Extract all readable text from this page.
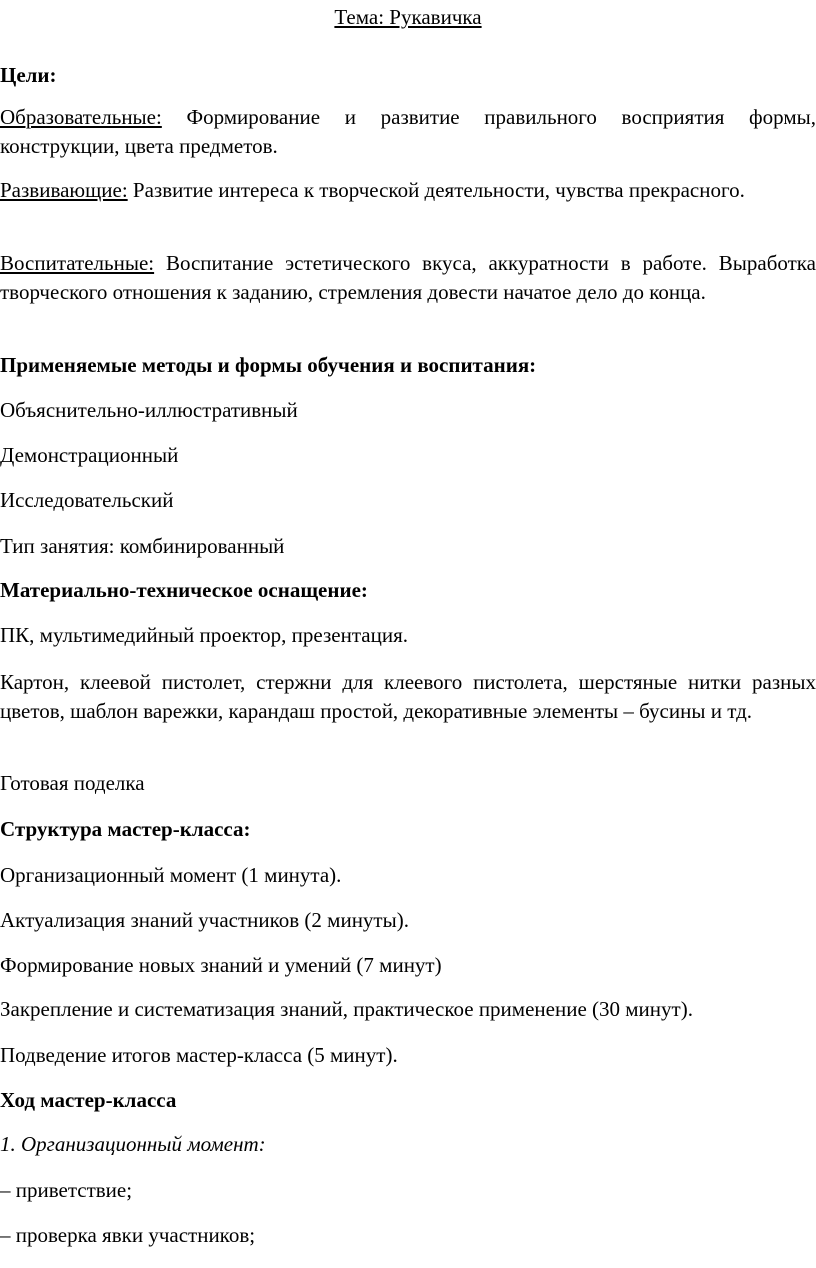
Тема: Рукавичка

Цели:

Образовательные: Формирование и развитие правильного восприятия формы, конструкции, цвета предметов.

Развивающие: Развитие интереса к творческой деятельности, чувства прекрасного.

Воспитательные: Воспитание эстетического вкуса, аккуратности в работе. Выработка творческого отношения к заданию, стремления довести начатое дело до конца.

Применяемые методы и формы обучения и воспитания:

Объяснительно-иллюстративный

Демонстрационный

Исследовательский

Тип занятия: комбинированный

Материально-техническое оснащение:

ПК, мультимедийный проектор, презентация.

Картон, клеевой пистолет, стержни для клеевого пистолета, шерстяные нитки разных цветов, шаблон варежки, карандаш простой, декоративные элементы – бусины и тд.

Готовая поделка

Структура мастер-класса:

Организационный момент (1 минута).

Актуализация знаний участников (2 минуты).

Формирование новых знаний и умений (7 минут)

Закрепление и систематизация знаний, практическое применение (30 минут).

Подведение итогов мастер-класса (5 минут).

Ход мастер-класса

1. Организационный момент:

– приветствие;

– проверка явки участников;
